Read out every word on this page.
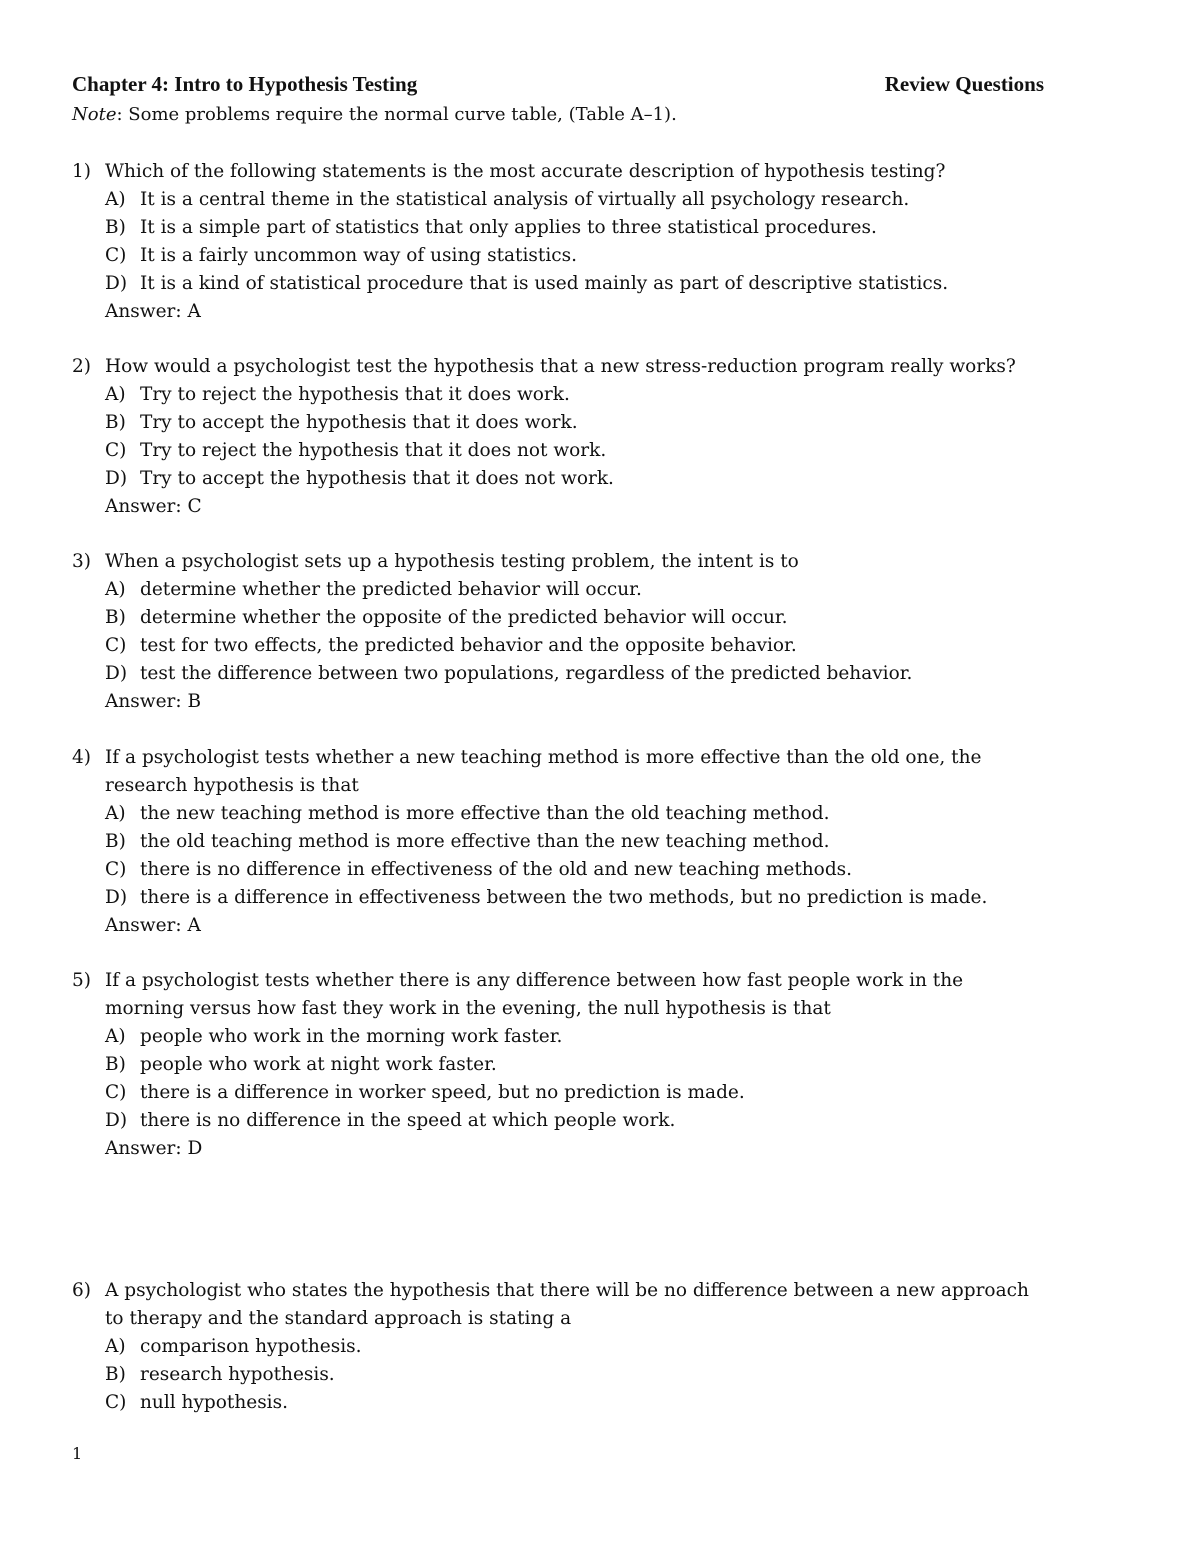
Chapter 4: Intro to Hypothesis Testing	Review Questions
Note: Some problems require the normal curve table, (Table A–1).
1) Which of the following statements is the most accurate description of hypothesis testing?
A) It is a central theme in the statistical analysis of virtually all psychology research.
B) It is a simple part of statistics that only applies to three statistical procedures.
C) It is a fairly uncommon way of using statistics.
D) It is a kind of statistical procedure that is used mainly as part of descriptive statistics.
Answer: A
2) How would a psychologist test the hypothesis that a new stress-reduction program really works?
A) Try to reject the hypothesis that it does work.
B) Try to accept the hypothesis that it does work.
C) Try to reject the hypothesis that it does not work.
D) Try to accept the hypothesis that it does not work.
Answer: C
3) When a psychologist sets up a hypothesis testing problem, the intent is to
A) determine whether the predicted behavior will occur.
B) determine whether the opposite of the predicted behavior will occur.
C) test for two effects, the predicted behavior and the opposite behavior.
D) test the difference between two populations, regardless of the predicted behavior.
Answer: B
4) If a psychologist tests whether a new teaching method is more effective than the old one, the
research hypothesis is that
A) the new teaching method is more effective than the old teaching method.
B) the old teaching method is more effective than the new teaching method.
C) there is no difference in effectiveness of the old and new teaching methods.
D) there is a difference in effectiveness between the two methods, but no prediction is made.
Answer: A
5) If a psychologist tests whether there is any difference between how fast people work in the
morning versus how fast they work in the evening, the null hypothesis is that
A) people who work in the morning work faster.
B) people who work at night work faster.
C) there is a difference in worker speed, but no prediction is made.
D) there is no difference in the speed at which people work.
Answer: D
6) A psychologist who states the hypothesis that there will be no difference between a new approach
to therapy and the standard approach is stating a
A) comparison hypothesis.
B) research hypothesis.
C) null hypothesis.
1
